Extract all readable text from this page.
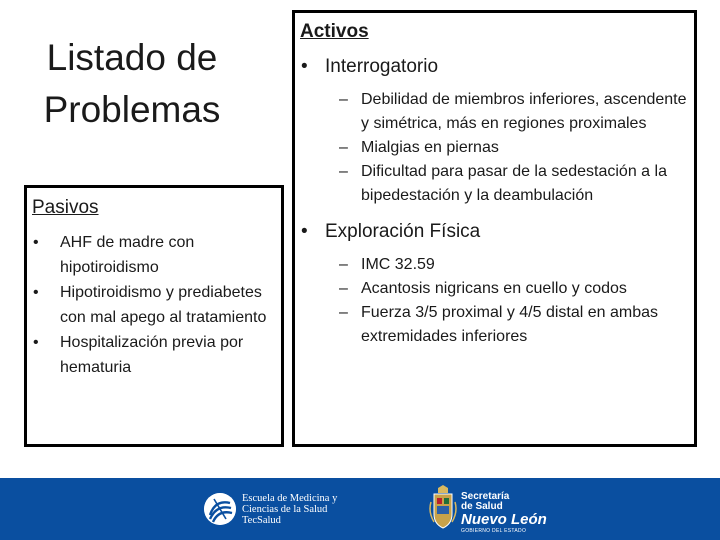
Listado de Problemas
Pasivos
• AHF de madre con hipotiroidismo
• Hipotiroidismo y prediabetes con mal apego al tratamiento
• Hospitalización previa por hematuria
Activos
• Interrogatorio
– Debilidad de miembros inferiores, ascendente y simétrica, más en regiones proximales
– Mialgias en piernas
– Dificultad para pasar de la sedestación a la bipedestación y la deambulación
• Exploración Física
– IMC 32.59
– Acantosis nigricans en cuello y codos
– Fuerza 3/5 proximal y 4/5 distal en ambas extremidades inferiores
Escuela de Medicina y
Ciencias de la Salud
TecSalud
Secretaría
de Salud
Nuevo León
GOBIERNO DEL ESTADO
